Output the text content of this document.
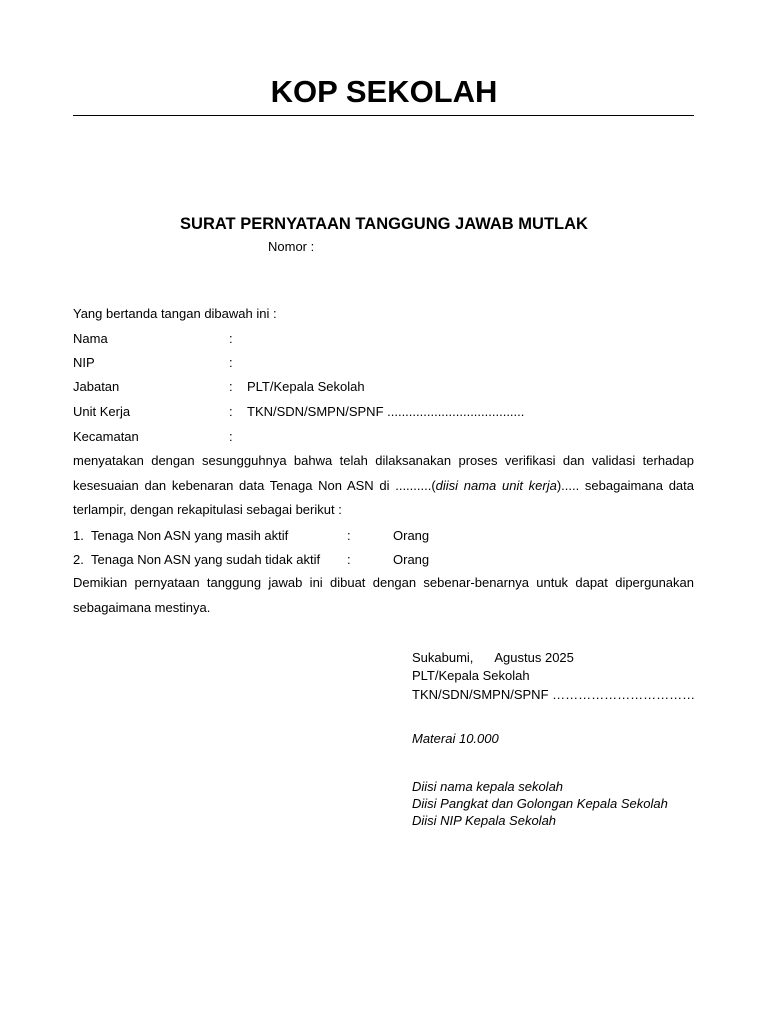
KOP SEKOLAH
SURAT PERNYATAAN TANGGUNG JAWAB MUTLAK
Nomor :
Yang bertanda tangan dibawah ini :
Nama	:
NIP	:
Jabatan	: PLT/Kepala Sekolah
Unit Kerja	: TKN/SDN/SMPN/SPNF ......................................
Kecamatan	:
menyatakan dengan sesungguhnya bahwa telah dilaksanakan proses verifikasi dan validasi terhadap
kesesuaian dan kebenaran data Tenaga Non ASN di ..........(diisi nama unit kerja)..... sebagaimana data
terlampir, dengan rekapitulasi sebagai berikut :
1. Tenaga Non ASN yang masih aktif	:	Orang
2. Tenaga Non ASN yang sudah tidak aktif :	Orang
Demikian pernyataan tanggung jawab ini dibuat dengan sebenar-benarnya untuk dapat dipergunakan
sebagaimana mestinya.
Sukabumi,      Agustus 2025
PLT/Kepala Sekolah
TKN/SDN/SMPN/SPNF ……………………………
Materai 10.000
Diisi nama kepala sekolah
Diisi Pangkat dan Golongan Kepala Sekolah
Diisi NIP Kepala Sekolah
